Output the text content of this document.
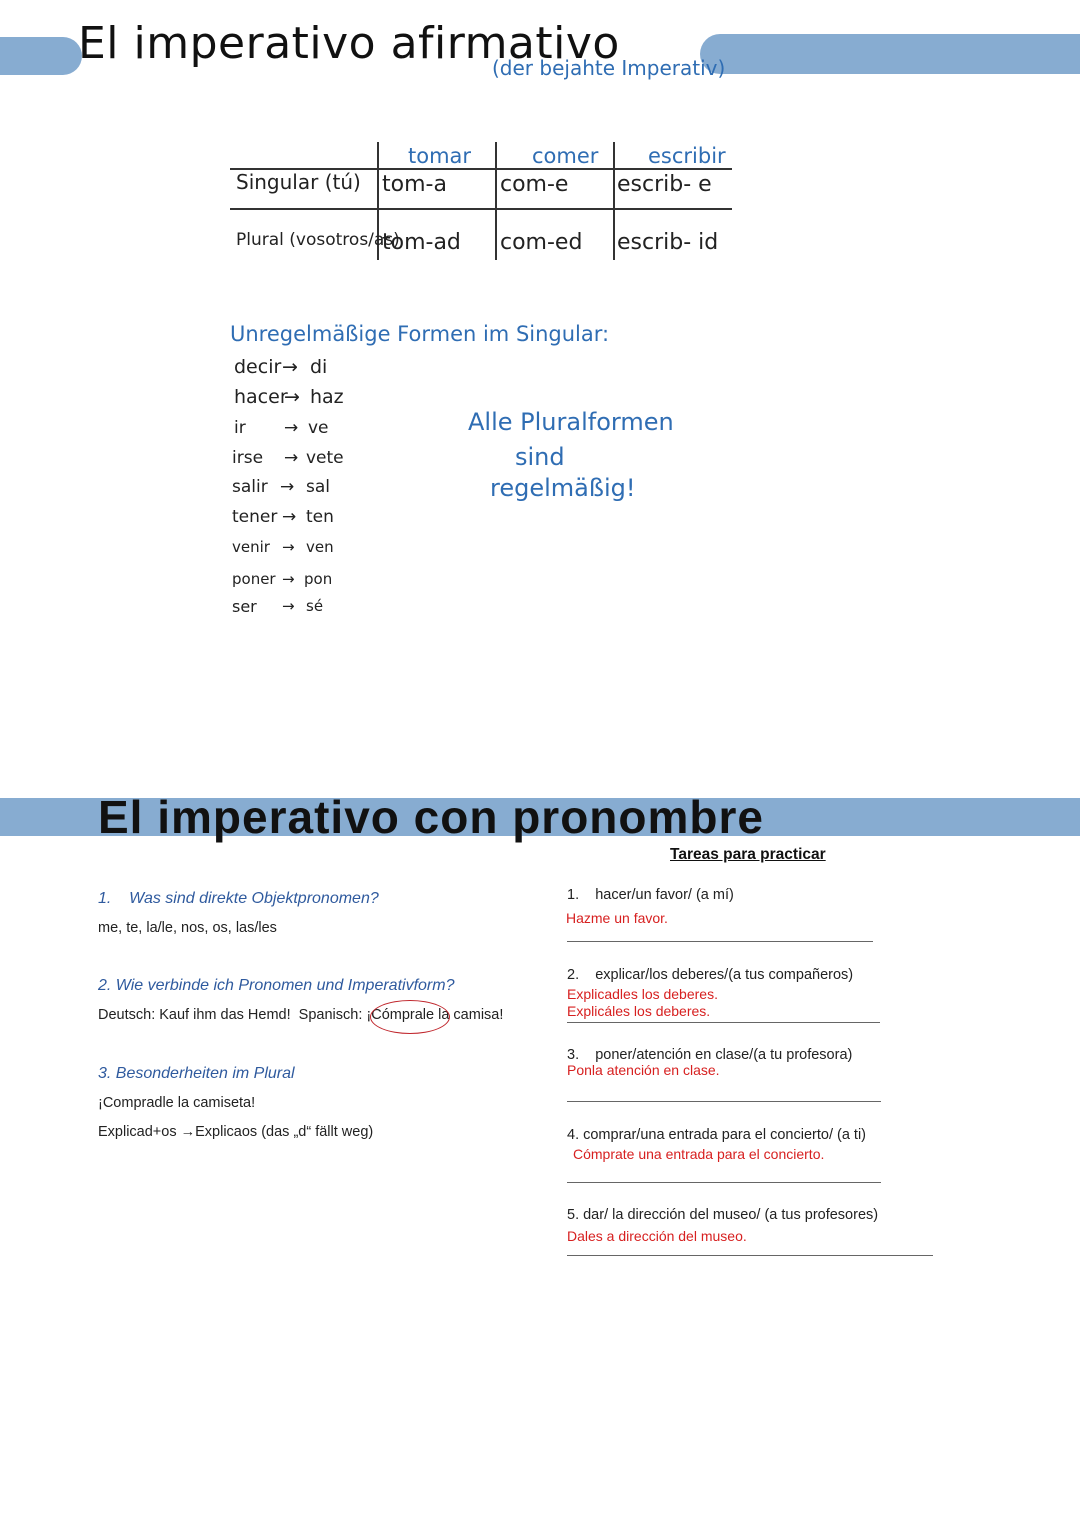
El imperativo afirmativo
(der bejahte Imperativ)
tomar	comer escribir
Singular (tú) tom-a com-e escrib- e
Plural (vosotros/as)
tom-ad com-ed escrib- id
Unregelmäßige Formen im Singular:
decir → di
hacer
→ haz
ir → ve
irse → vete
salir → sal
tener → ten
venir → ven
poner → pon
ser → sé
Alle Pluralformen
sind
regelmäßig!
El imperativo con pronombre
Tareas para practicar
1.    Was sind direkte Objektpronomen?
me, te, la/le, nos, os, las/les
2. Wie verbinde ich Pronomen und Imperativform?
Deutsch: Kauf ihm das Hemd!  Spanisch: ¡Cómprale la camisa!
3. Besonderheiten im Plural
¡Compradle la camiseta!
Explicad+os →Explicaos (das „d“ fällt weg)
1.    hacer/un favor/ (a mí)
Hazme un favor.
2.    explicar/los deberes/(a tus compañeros)
Explicadles los deberes.
Explicáles los deberes.
3.    poner/atención en clase/(a tu profesora)
Ponla atención en clase.
4. comprar/una entrada para el concierto/ (a ti)
Cómprate una entrada para el concierto.
5. dar/ la dirección del museo/ (a tus profesores)
Dales a dirección del museo.
